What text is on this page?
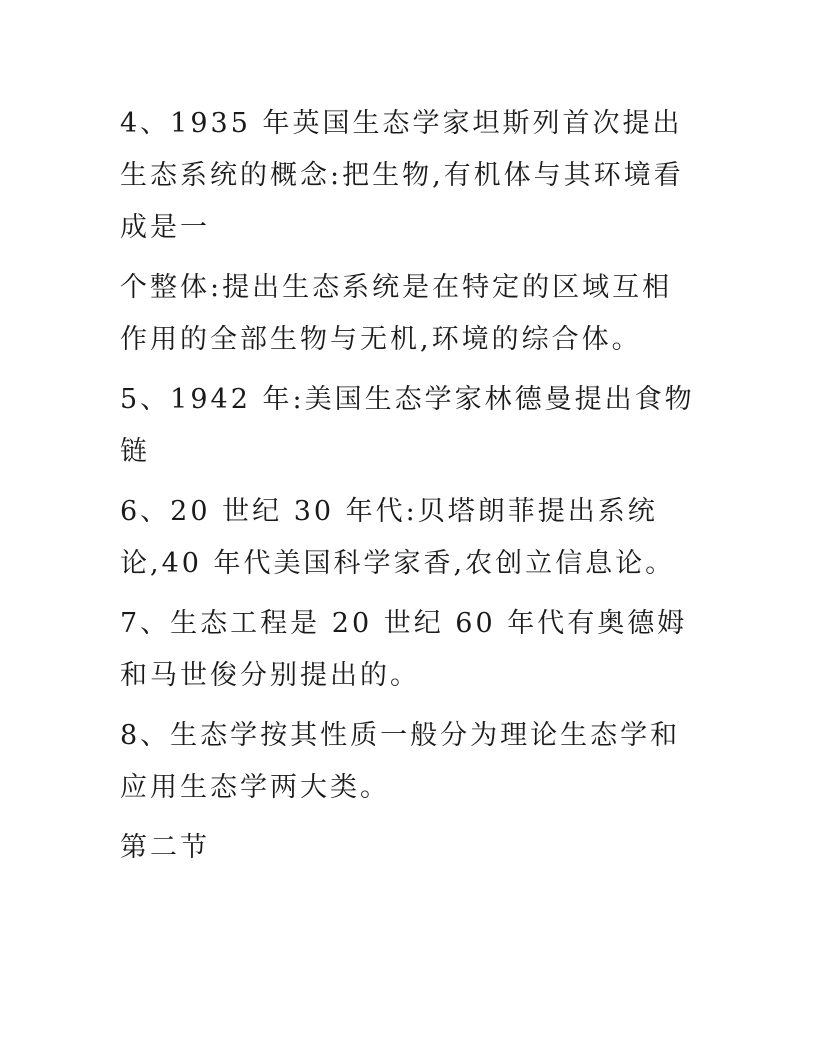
4、1935 年英国生态学家坦斯列首次提出
生态系统的概念:把生物,有机体与其环境看
成是一

个整体:提出生态系统是在特定的区域互相
作用的全部生物与无机,环境的综合体。

5、1942 年:美国生态学家林德曼提出食物
链

6、20 世纪 30 年代:贝塔朗菲提出系统
论,40 年代美国科学家香,农创立信息论。

7、生态工程是 20 世纪 60 年代有奥德姆
和马世俊分别提出的。

8、生态学按其性质一般分为理论生态学和
应用生态学两大类。

第二节
